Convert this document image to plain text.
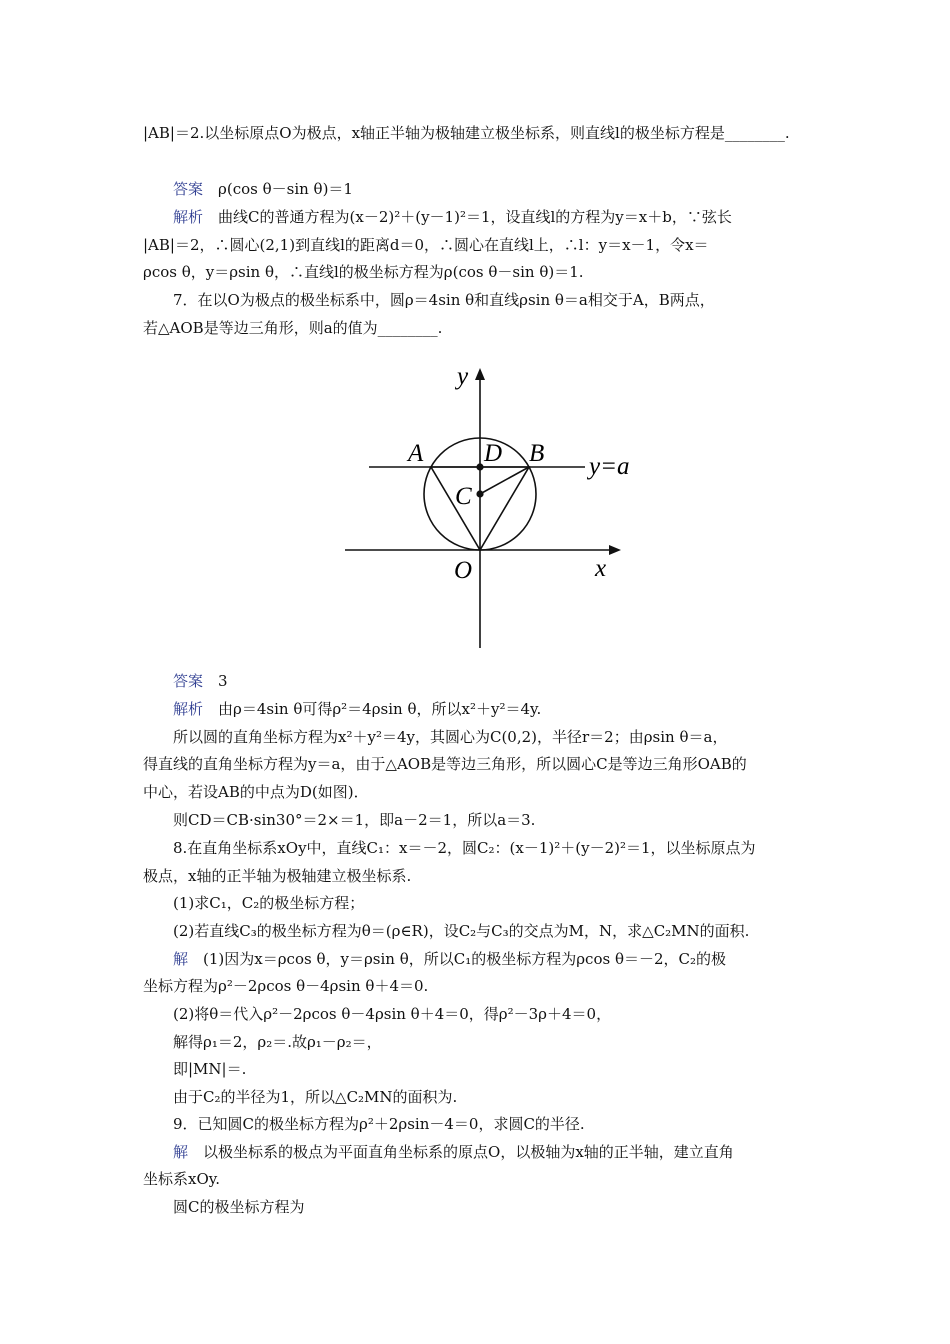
|AB|＝2.以坐标原点O为极点，x轴正半轴为极轴建立极坐标系，则直线l的极坐标方程是________.
答案　 ρ(cos θ－sin θ)＝1
解析　 曲线C的普通方程为(x－2)²＋(y－1)²＝1，设直线l的方程为y＝x＋b，∵弦长
|AB|＝2，∴圆心(2,1)到直线l的距离d＝0，∴圆心在直线l上，∴l：y＝x－1，令x＝
ρcos θ，y＝ρsin θ，∴直线l的极坐标方程为ρ(cos θ－sin θ)＝1.
7．在以O为极点的极坐标系中，圆ρ＝4sin θ和直线ρsin θ＝a相交于A，B两点，
若△AOB是等边三角形，则a的值为________.
y
x
O
A	B
D
C
y=a
答案　 3
解析　 由ρ＝4sin θ可得ρ²＝4ρsin θ，所以x²＋y²＝4y.
所以圆的直角坐标方程为x²＋y²＝4y，其圆心为C(0,2)，半径r＝2；由ρsin θ＝a，
得直线的直角坐标方程为y＝a，由于△AOB是等边三角形，所以圆心C是等边三角形OAB的
中心，若设AB的中点为D(如图)．
则CD＝CB·sin30°＝2×＝1，即a－2＝1，所以a＝3.
8.在直角坐标系xOy中，直线C₁：x＝－2，圆C₂：(x－1)²＋(y－2)²＝1，以坐标原点为
极点，x轴的正半轴为极轴建立极坐标系.
(1)求C₁，C₂的极坐标方程；
(2)若直线C₃的极坐标方程为θ＝(ρ∈R)，设C₂与C₃的交点为M，N，求△C₂MN的面积.
解　 (1)因为x＝ρcos θ，y＝ρsin θ，所以C₁的极坐标方程为ρcos θ＝－2，C₂的极
坐标方程为ρ²－2ρcos θ－4ρsin θ＋4＝0.
(2)将θ＝代入ρ²－2ρcos θ－4ρsin θ＋4＝0，得ρ²－3ρ＋4＝0，
解得ρ₁＝2，ρ₂＝.故ρ₁－ρ₂＝，
即|MN|＝.
由于C₂的半径为1，所以△C₂MN的面积为.
9．已知圆C的极坐标方程为ρ²＋2ρsin－4＝0，求圆C的半径.
解　 以极坐标系的极点为平面直角坐标系的原点O，以极轴为x轴的正半轴，建立直角
坐标系xOy.
圆C的极坐标方程为
